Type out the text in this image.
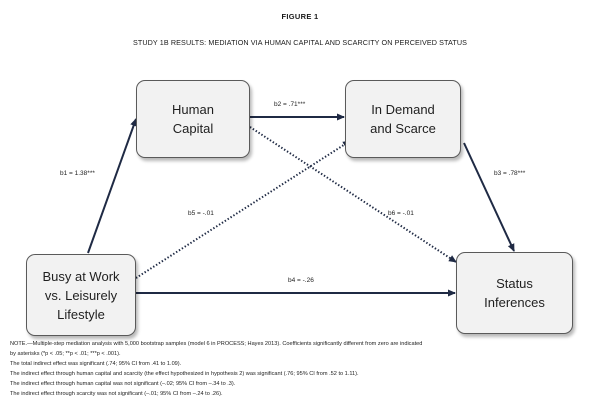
FIGURE 1
STUDY 1B RESULTS: MEDIATION VIA HUMAN CAPITAL AND SCARCITY ON PERCEIVED STATUS
Human
Capital
In Demand
and Scarce
Busy at Work
vs. Leisurely
Lifestyle
Status
Inferences
b1 = 1.38***
b2 = .71***
b3 = .78***
b4 = -.26
b5 = -.01	b6 = -.01
NOTE.—Multiple-step mediation analysis with 5,000 bootstrap samples (model 6 in PROCESS; Hayes 2013). Coefficients significantly different from zero are indicated
by asterisks (*p < .05; **p < .01; ***p < .001).
The total indirect effect was significant (.74; 95% CI from .41 to 1.09).
The indirect effect through human capital and scarcity (the effect hypothesized in hypothesis 2) was significant (.76; 95% CI from .52 to 1.11).
The indirect effect through human capital was not significant (–.02; 95% CI from –.34 to .3).
The indirect effect through scarcity was not significant (–.01; 95% CI from –.24 to .26).
